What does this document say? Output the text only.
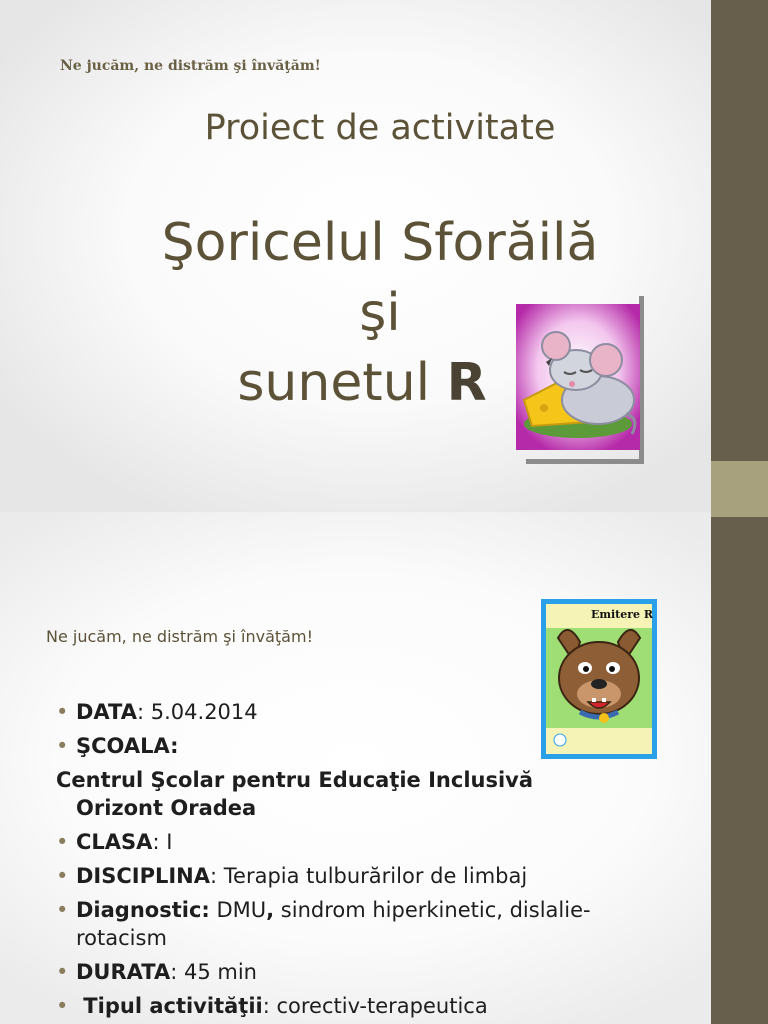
Ne jucăm, ne distrăm şi învăţăm!
Proiect de activitate
Şoricelul Sforăilă
şi
sunetul R
Ne jucăm, ne distrăm şi învăţăm!
Emitere R
• DATA: 5.04.2014
• ŞCOALA:
Centrul Şcolar pentru Educaţie Inclusivă
Orizont Oradea
• CLASA: I
• DISCIPLINA: Terapia tulburărilor de limbaj
• Diagnostic: DMU, sindrom hiperkinetic, dislalie-
rotacism
• DURATA: 45 min
•  Tipul activităţii: corectiv-terapeutica
